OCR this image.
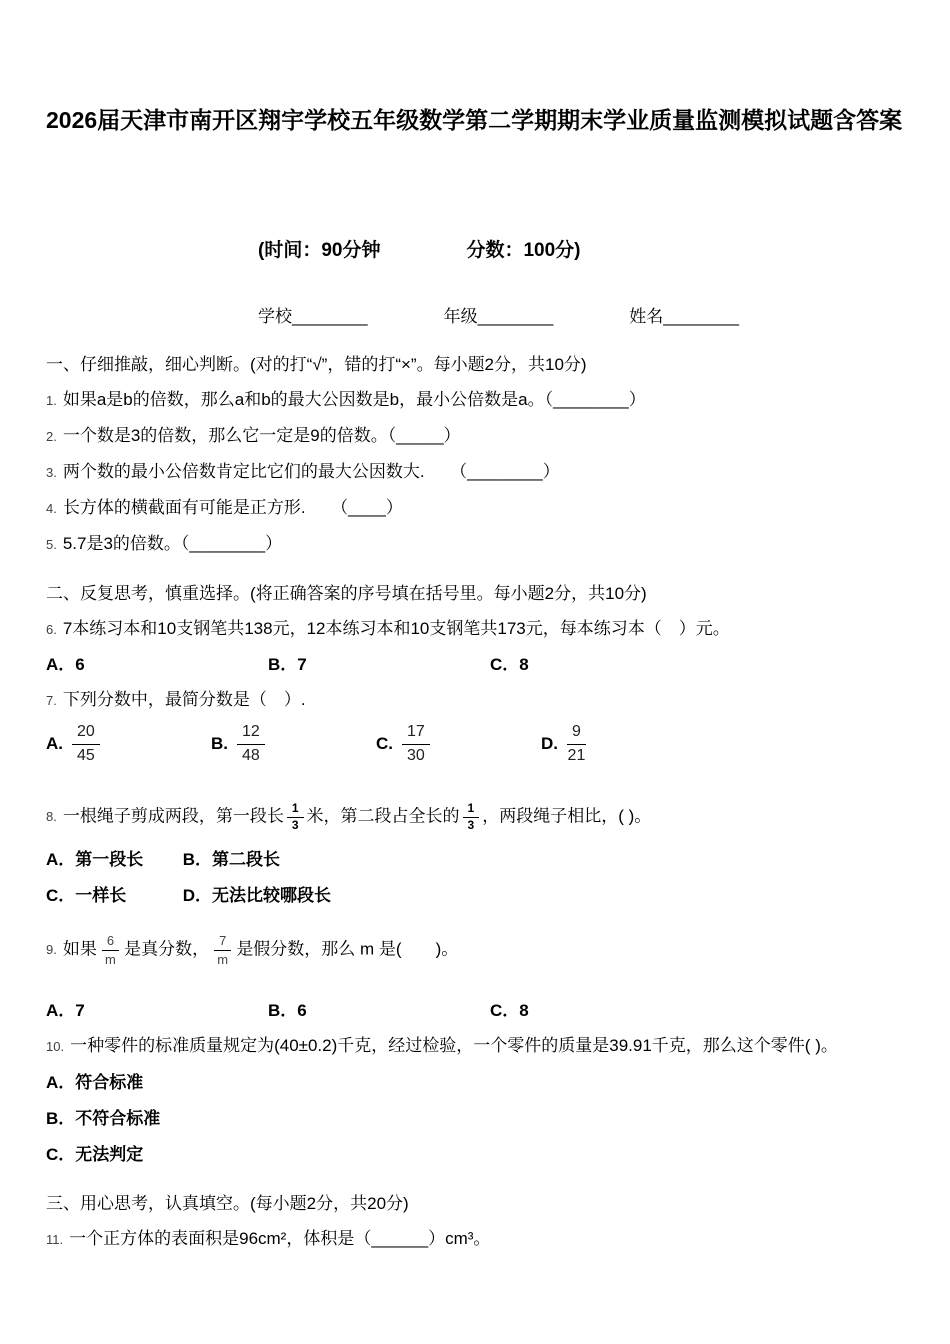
2026届天津市南开区翔宇学校五年级数学第二学期期末学业质量监测模拟试题含答案
(时间：90分钟	分数：100分)
学校________	年级________	姓名________
一、仔细推敲，细心判断。(对的打“√”，错的打“×”。每小题2分，共10分)
1. 如果a是b的倍数，那么a和b的最大公因数是b，最小公倍数是a。（________）
2. 一个数是3的倍数，那么它一定是9的倍数。（_____）
3. 两个数的最小公倍数肯定比它们的最大公因数大.　　（________）
4. 长方体的横截面有可能是正方形.　　（____）
5. 5.7是3的倍数。（________）
二、反复思考，慎重选择。(将正确答案的序号填在括号里。每小题2分，共10分)
6. 7本练习本和10支钢笔共138元，12本练习本和10支钢笔共173元，每本练习本（　）元。
A．6	B．7	C．8
7. 下列分数中，最简分数是（　）.
A. $\frac{20}{45}$	B. $\frac{12}{48}$	C. $\frac{17}{30}$	D. $\frac{9}{21}$
8. 一根绳子剪成两段，第一段长 $\frac{1}{3}$ 米，第二段占全长的 $\frac{1}{3}$ ，两段绳子相比，( )。
A．第一段长 B．第二段长
C．一样长	D．无法比较哪段长
9. 如果 $\frac{6}{m}$ 是真分数， $\frac{7}{m}$ 是假分数，那么 m 是(　　)。
A．7	B．6	C．8
10. 一种零件的标准质量规定为(40±0.2)千克，经过检验，一个零件的质量是39.91千克，那么这个零件( )。
A．符合标准
B．不符合标准
C．无法判定
三、用心思考，认真填空。(每小题2分，共20分)
11. 一个正方体的表面积是96cm²，体积是（______）cm³。
